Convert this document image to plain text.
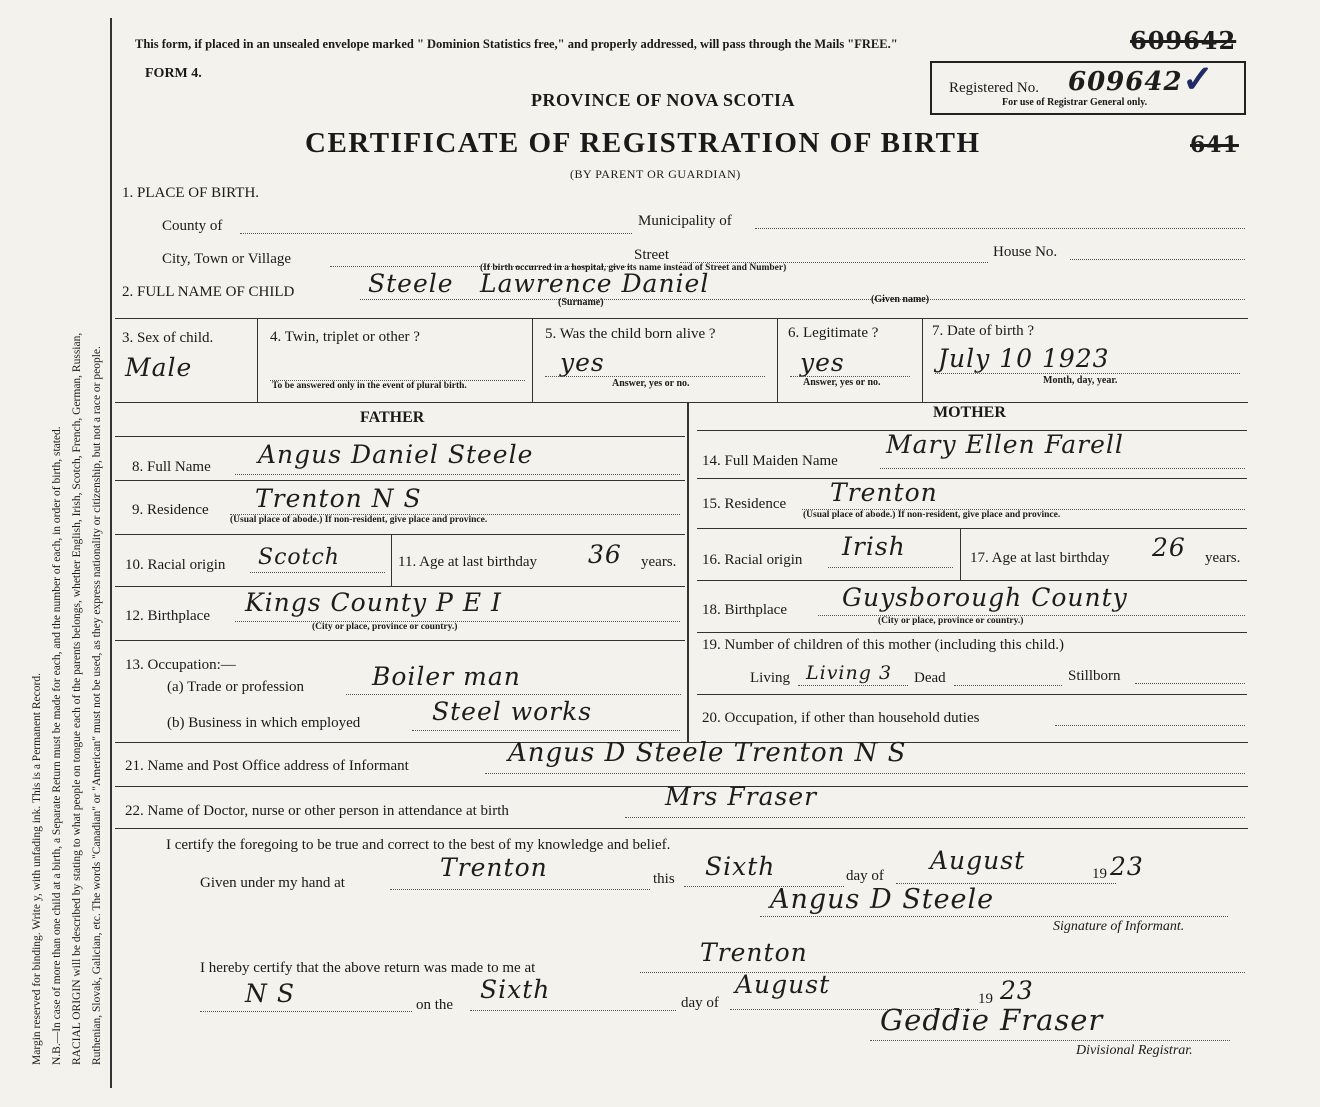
Margin reserved for binding. Write y, with unfading ink. This is a Permanent Record. N.B.—In case of more than one child at a birth, a Separate Return must be made for each, and the number of each, in order of birth, stated. RACIAL ORIGIN will be described by stating to what people on tongue each of the parents belongs, whether English, Irish, Scotch, French, German, Russian, Ruthenian, Slovak, Galician, etc. The words "Canadian" or "American" must not be used, as they express nationality or citizenship, but not a race or people.
This form, if placed in an unsealed envelope marked " Dominion Statistics free," and properly addressed, will pass through the Mails "FREE."	609642
FORM 4.
Registered No. 609642
For use of Registrar General only.
✓
PROVINCE OF NOVA SCOTIA
CERTIFICATE OF REGISTRATION OF BIRTH
(BY PARENT OR GUARDIAN)
641
1. PLACE OF BIRTH.
County of	Municipality of
City, Town or Village	Street	House No.
(If birth occurred in a hospital, give its name instead of Street and Number)
2. FULL NAME OF CHILD	Steele Lawrence Daniel
(Surname)	(Given name)
3. Sex of child.
Male
4. Twin, triplet or other ?
To be answered only in the event of plural birth.
5. Was the child born alive ?
yes
Answer, yes or no.
6. Legitimate ?
yes
Answer, yes or no.
7. Date of birth ?
July 10 1923
Month, day, year.
FATHER	MOTHER
8. Full Name Angus Daniel Steele
9. Residence Trenton N S
(Usual place of abode.) If non-resident, give place and province.
10. Racial origin Scotch	11. Age at last birthday 36 years.
12. Birthplace Kings County P E I
(City or place, province or country.)
13. Occupation:—
(a) Trade or profession	Boiler man
(b) Business in which employed	Steel works
14. Full Maiden Name
Mary Ellen Farell
15. Residence Trenton
(Usual place of abode.) If non-resident, give place and province.
16. Racial origin Irish	17. Age at last birthday 26 years.
18. Birthplace Guysborough County
(City or place, province or country.)
19. Number of children of this mother (including this child.)
Living Living 3 Dead	Stillborn
20. Occupation, if other than household duties
21. Name and Post Office address of Informant	Angus D Steele Trenton N S
22. Name of Doctor, nurse or other person in attendance at birth	Mrs Fraser
I certify the foregoing to be true and correct to the best of my knowledge and belief.
Given under my hand at
Trenton	this Sixth	day of
August	19 23
Angus D Steele
Signature of Informant.
I hereby certify that the above return was made to me at
Trenton
N S	on the
Sixth	day of
August	19 23
Geddie Fraser
Divisional Registrar.
